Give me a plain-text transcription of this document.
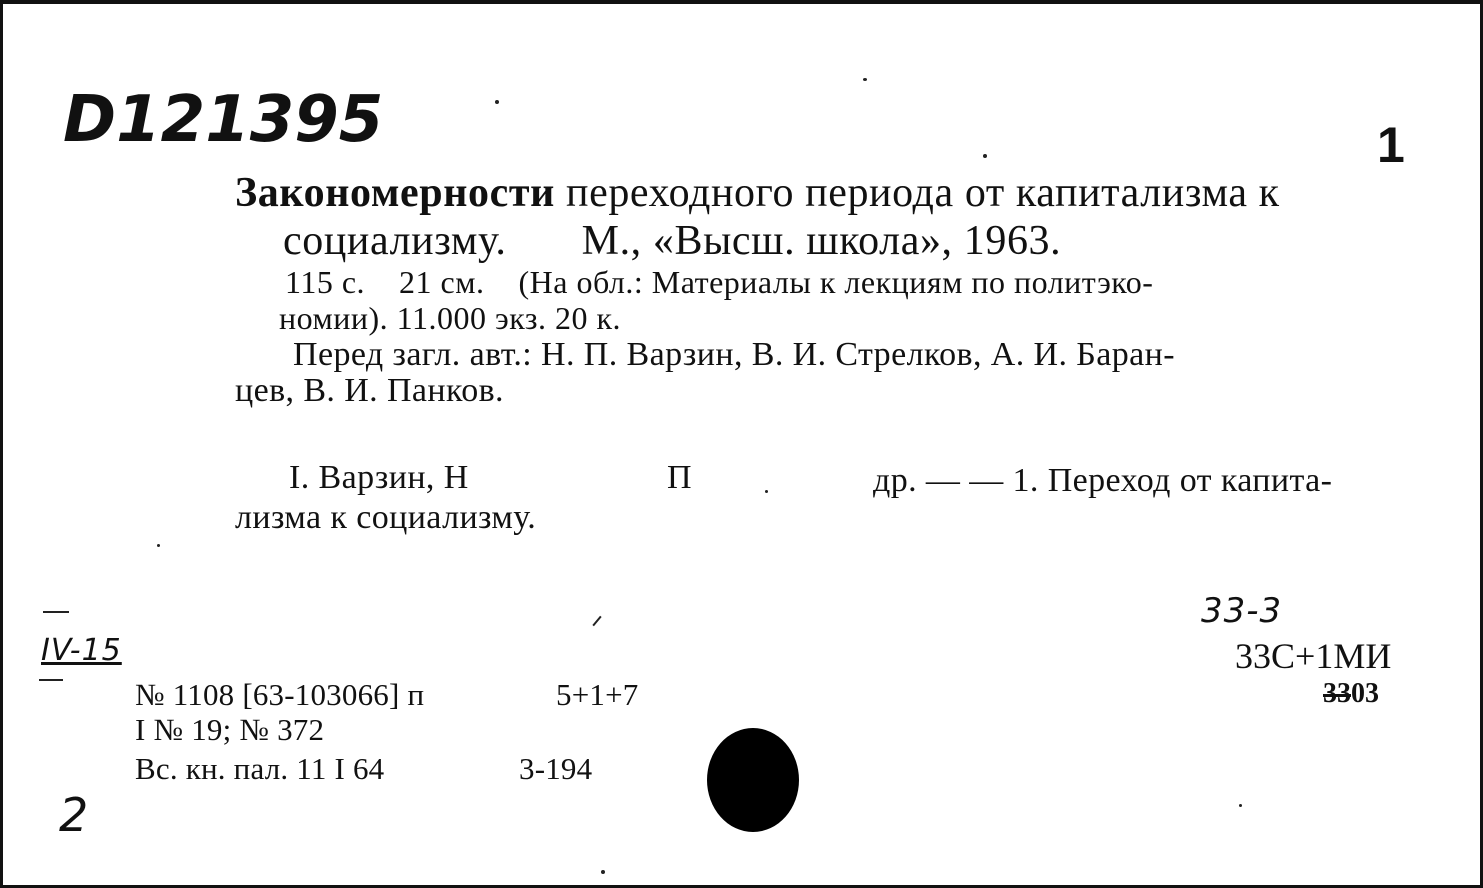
D121395	1
Закономерности переходного периода от капитализма к
социализму. М., «Высш. школа», 1963.
115 с.    21 см.    (На обл.: Материалы к лекциям по политэко-
номии). 11.000 экз. 20 к.
Перед загл. авт.: Н. П. Варзин, В. И. Стрелков, А. И. Баран-
цев, В. И. Панков.
I. Варзин, Н	П	др. — — 1. Переход от капита-
лизма к социализму.
IV-15
2
№ 1108 [63-103066] п	5+1+7
I № 19; № 372
Вс. кн. пал. 11 I 64	3-194
33-3
33С+1МИ
3303
